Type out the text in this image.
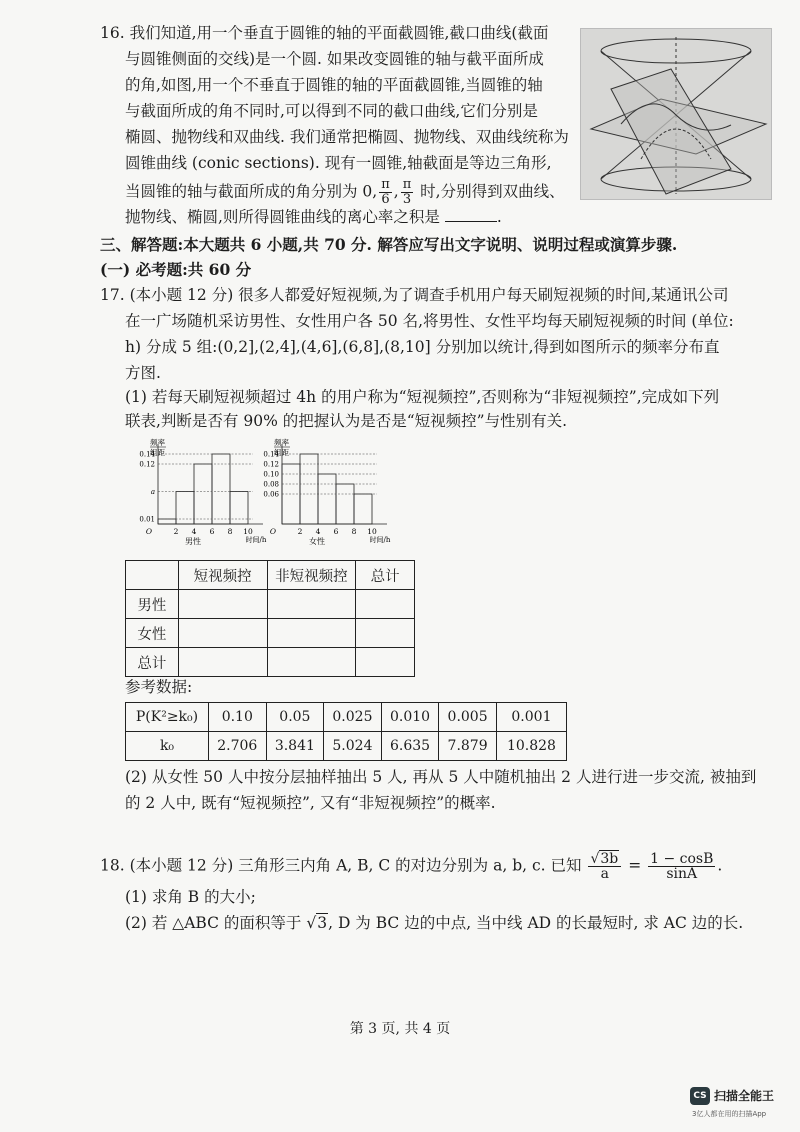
16. 我们知道,用一个垂直于圆锥的轴的平面截圆锥,截口曲线(截面
与圆锥侧面的交线)是一个圆. 如果改变圆锥的轴与截平面所成
的角,如图,用一个不垂直于圆锥的轴的平面截圆锥,当圆锥的轴
与截面所成的角不同时,可以得到不同的截口曲线,它们分别是
椭圆、抛物线和双曲线. 我们通常把椭圆、抛物线、双曲线统称为
圆锥曲线 (conic sections). 现有一圆锥,轴截面是等边三角形,
当圆锥的轴与截面所成的角分别为 0, $\frac{\pi}{6}$ , $\frac{\pi}{3}$ 时,分别得到双曲线、
抛物线、椭圆,则所得圆锥曲线的离心率之积是	.
三、解答题:本大题共 6 小题,共 70 分. 解答应写出文字说明、说明过程或演算步骤.
(一) 必考题:共 60 分
17. (本小题 12 分) 很多人都爱好短视频,为了调查手机用户每天刷短视频的时间,某通讯公司
在一广场随机采访男性、女性用户各 50 名,将男性、女性平均每天刷短视频的时间 (单位:
h) 分成 5 组:(0,2],(2,4],(4,6],(6,8],(8,10] 分别加以统计,得到如图所示的频率分布直
方图.
(1) 若每天刷短视频超过 4h 的用户称为“短视频控”,否则称为“非短视频控”,完成如下列
联表,判断是否有 90% 的把握认为是否是“短视频控”与性别有关.
频率
组距
0.14
0.12
a
0.01
O	2 4 6 8 10
时间/h
男性
频率
组距
0.14
0.12
0.10
0.08
0.06
O	2 4 6 8 10
时间/h
女性
	短视频控	非短视频控	总计
男性			
女性			
总计			
参考数据:
P(K²≥k₀)	0.10	0.05	0.025	0.010	0.005	0.001
k₀	2.706	3.841	5.024	6.635	7.879	10.828
(2) 从女性 50 人中按分层抽样抽出 5 人, 再从 5 人中随机抽出 2 人进行进一步交流, 被抽到
的 2 人中, 既有“短视频控”, 又有“非短视频控”的概率.
18. (本小题 12 分) 三角形三内角 A, B, C 的对边分别为 a, b, c. 已知 $\frac{√3b}{a} = \frac{1 - \cos B}{\sin A}$ .
(1) 求角 B 的大小;
(2) 若 △ABC 的面积等于 √3, D 为 BC 边的中点, 当中线 AD 的长最短时, 求 AC 边的长.
第 3 页, 共 4 页
CS 扫描全能王
3亿人都在用的扫描App
